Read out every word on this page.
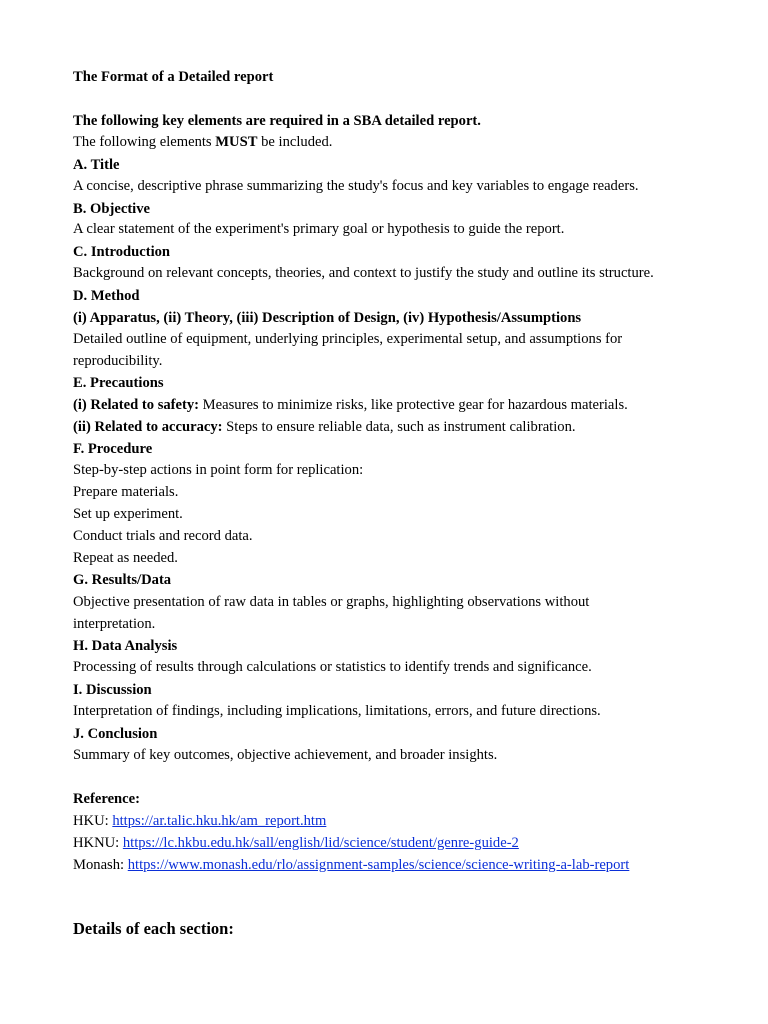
The Format of a Detailed report
The following key elements are required in a SBA detailed report.
The following elements MUST be included.
A. Title
A concise, descriptive phrase summarizing the study's focus and key variables to engage readers.
B. Objective
A clear statement of the experiment's primary goal or hypothesis to guide the report.
C. Introduction
Background on relevant concepts, theories, and context to justify the study and outline its structure.
D. Method
(i) Apparatus, (ii) Theory, (iii) Description of Design, (iv) Hypothesis/Assumptions
Detailed outline of equipment, underlying principles, experimental setup, and assumptions for
reproducibility.
E. Precautions
(i) Related to safety: Measures to minimize risks, like protective gear for hazardous materials.
(ii) Related to accuracy: Steps to ensure reliable data, such as instrument calibration.
F. Procedure
Step-by-step actions in point form for replication:
Prepare materials.
Set up experiment.
Conduct trials and record data.
Repeat as needed.
G. Results/Data
Objective presentation of raw data in tables or graphs, highlighting observations without
interpretation.
H. Data Analysis
Processing of results through calculations or statistics to identify trends and significance.
I. Discussion
Interpretation of findings, including implications, limitations, errors, and future directions.
J. Conclusion
Summary of key outcomes, objective achievement, and broader insights.
Reference:
HKU: https://ar.talic.hku.hk/am_report.htm
HKNU: https://lc.hkbu.edu.hk/sall/english/lid/science/student/genre-guide-2
Monash: https://www.monash.edu/rlo/assignment-samples/science/science-writing-a-lab-report
Details of each section:
